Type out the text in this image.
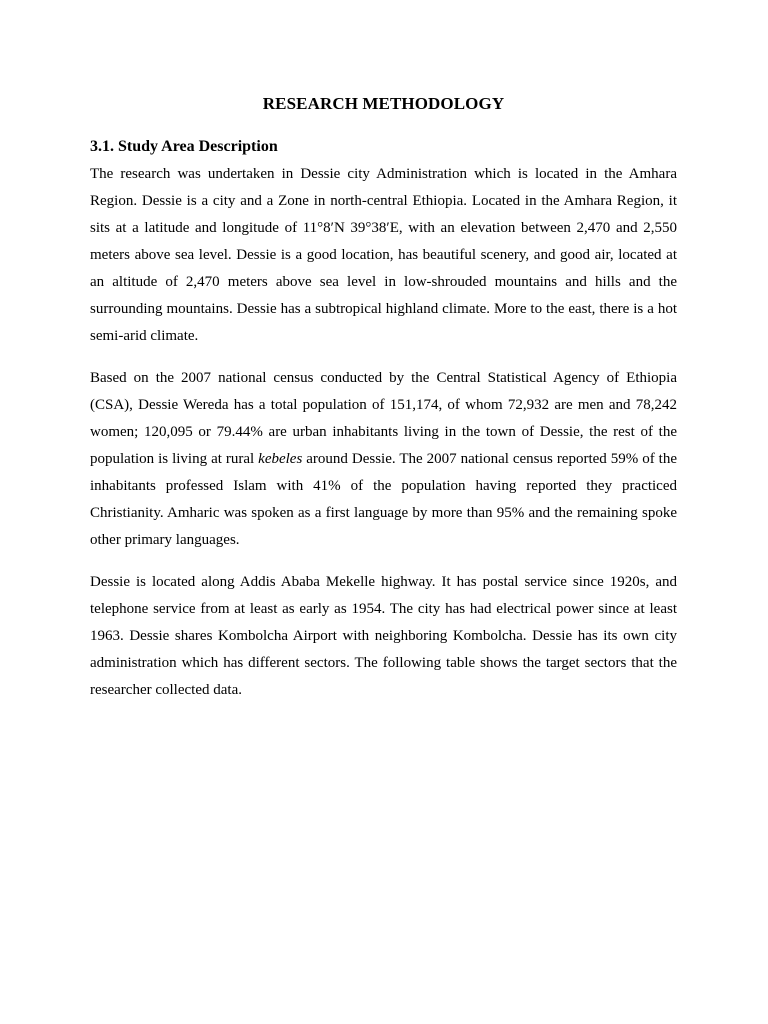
RESEARCH METHODOLOGY
3.1. Study Area Description

The research was undertaken in Dessie city Administration which is located in the Amhara Region. Dessie is a city and a Zone in north-central Ethiopia. Located in the Amhara Region, it sits at a latitude and longitude of 11°8′N 39°38′E, with an elevation between 2,470 and 2,550 meters above sea level. Dessie is a good location, has beautiful scenery, and good air, located at an altitude of 2,470 meters above sea level in low-shrouded mountains and hills and the surrounding mountains. Dessie has a subtropical highland climate. More to the east, there is a hot semi-arid climate.

Based on the 2007 national census conducted by the Central Statistical Agency of Ethiopia (CSA), Dessie Wereda has a total population of 151,174, of whom 72,932 are men and 78,242 women; 120,095 or 79.44% are urban inhabitants living in the town of Dessie, the rest of the population is living at rural kebeles around Dessie. The 2007 national census reported 59% of the inhabitants professed Islam with 41% of the population having reported they practiced Christianity. Amharic was spoken as a first language by more than 95% and the remaining spoke other primary languages.

Dessie is located along Addis Ababa Mekelle highway. It has postal service since 1920s, and telephone service from at least as early as 1954. The city has had electrical power since at least 1963. Dessie shares Kombolcha Airport with neighboring Kombolcha. Dessie has its own city administration which has different sectors. The following table shows the target sectors that the researcher collected data.
